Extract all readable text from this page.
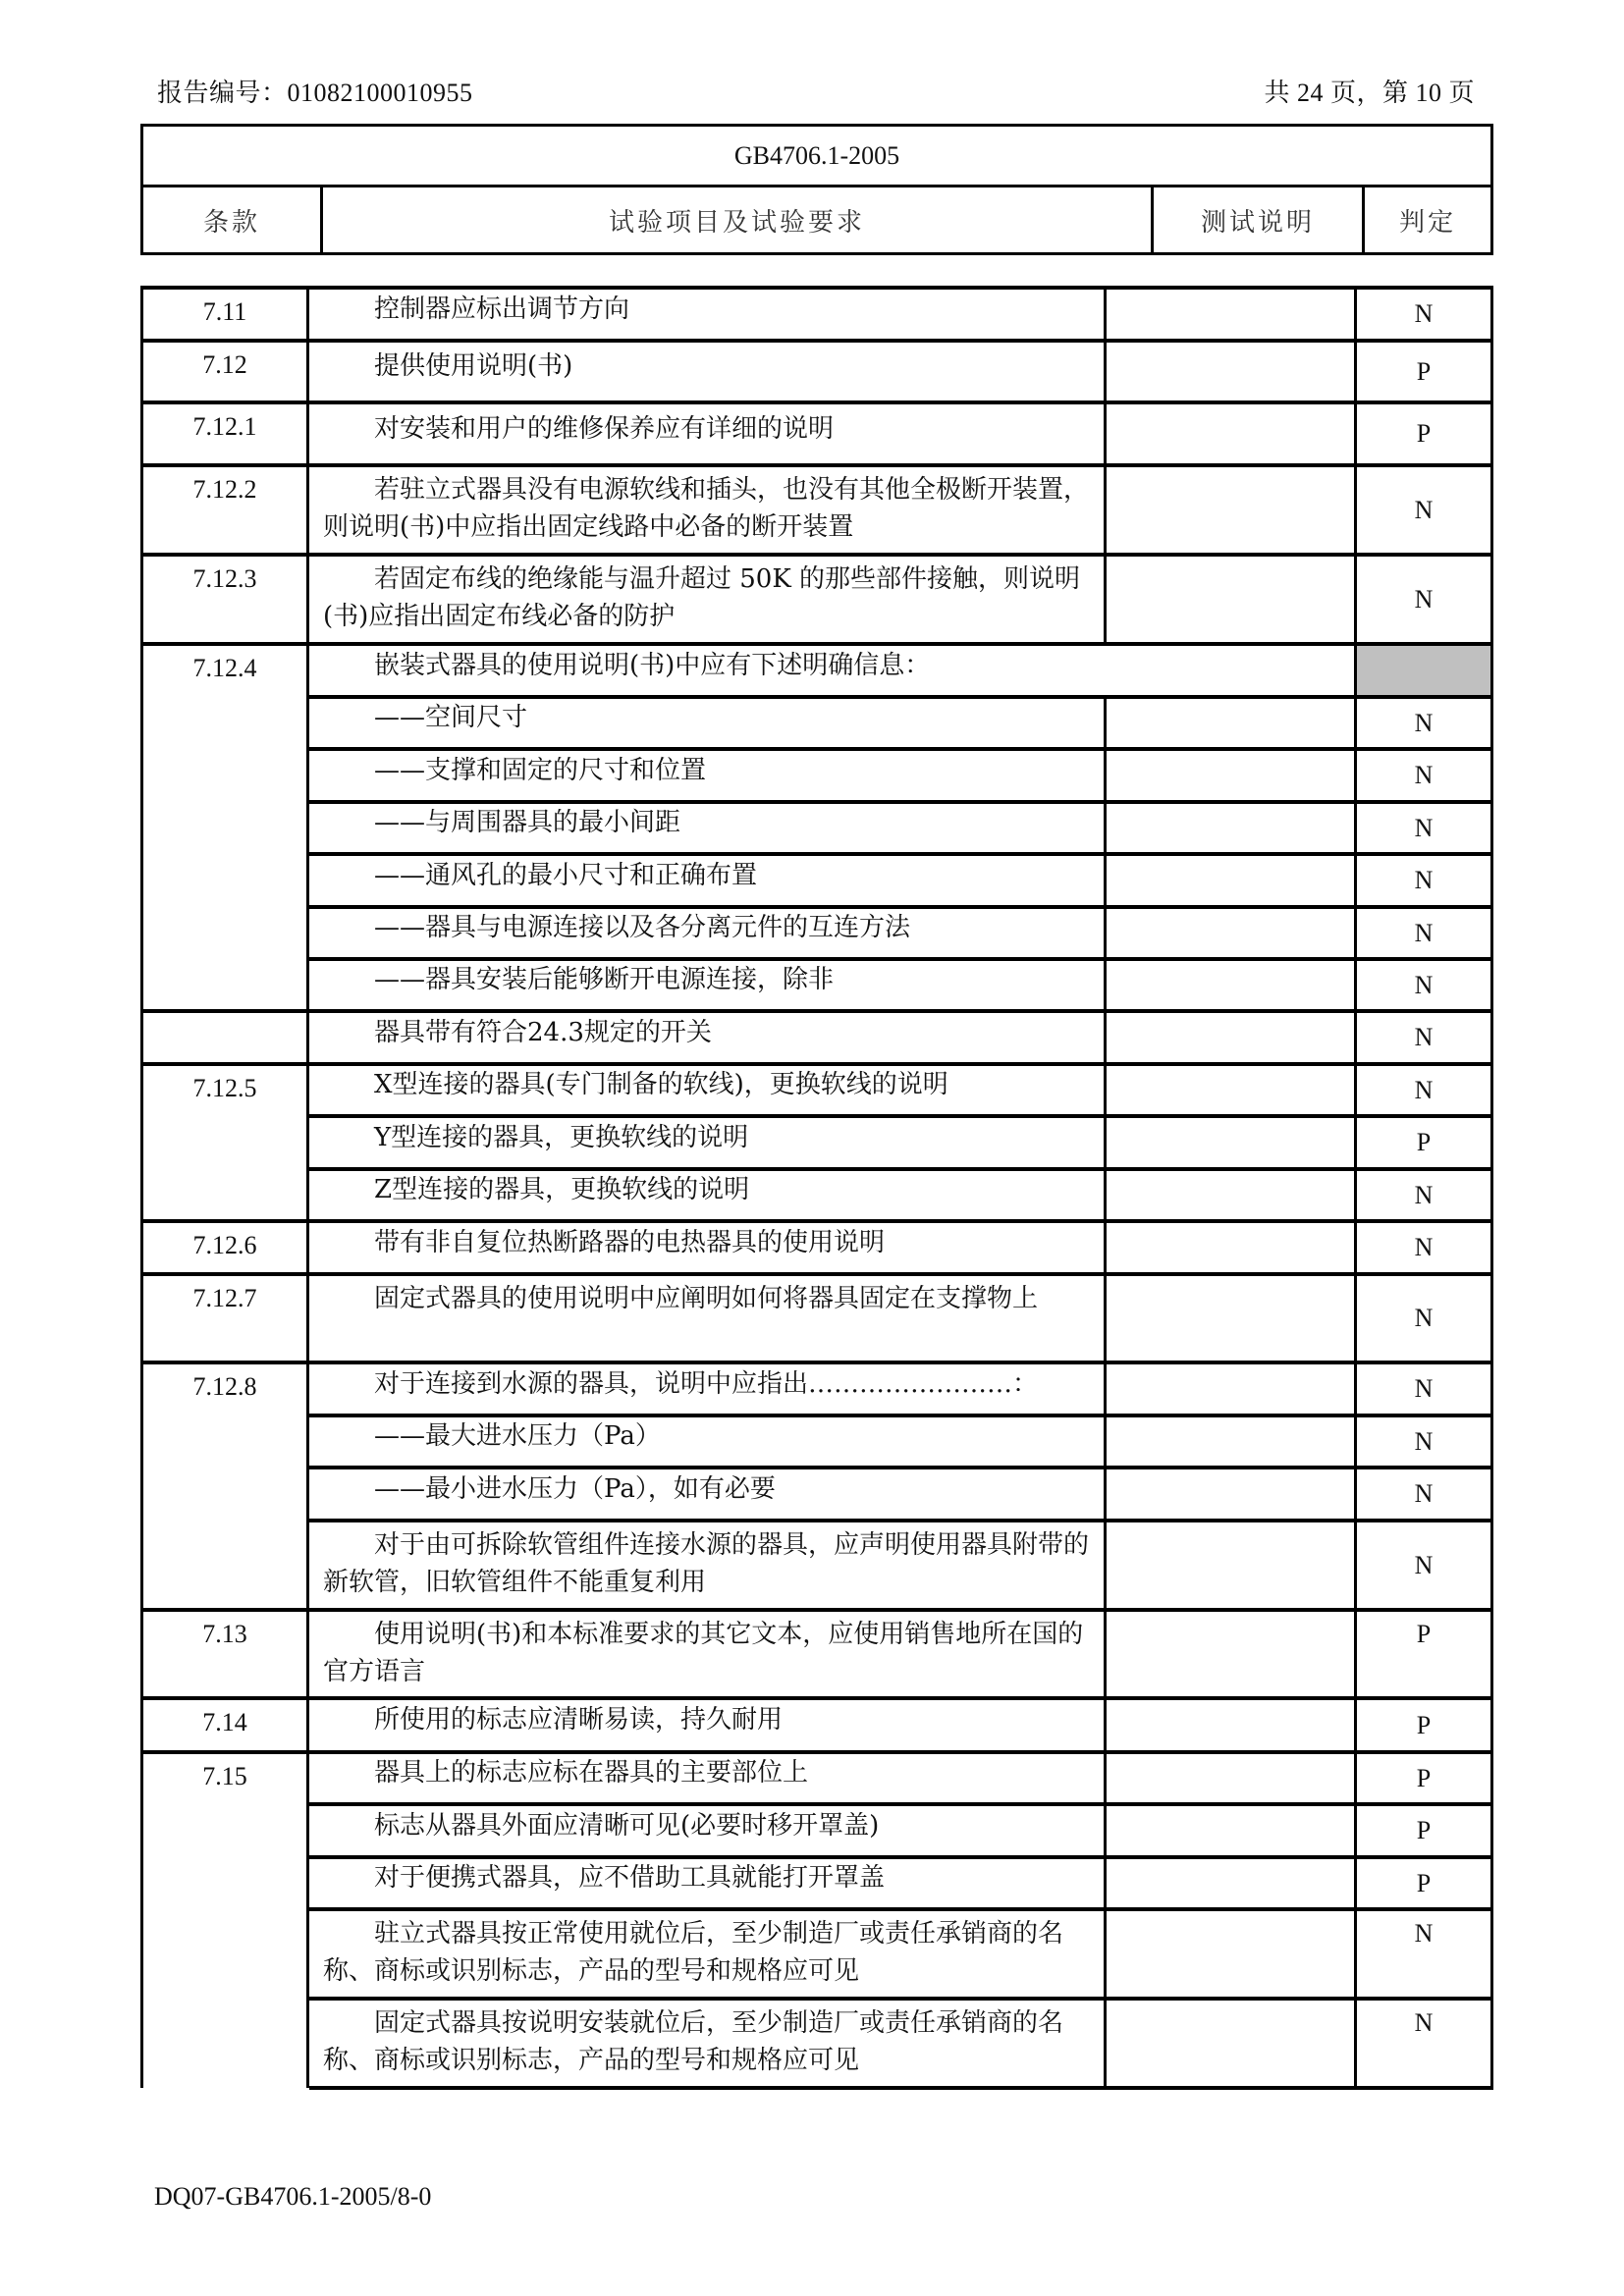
报告编号：01082100010955	共 24 页，第 10 页
GB4706.1-2005
条款	试验项目及试验要求	测试说明	判定
7.11	控制器应标出调节方向	N
7.12	提供使用说明(书)	P
7.12.1	对安装和用户的维修保养应有详细的说明	P
7.12.2	若驻立式器具没有电源软线和插头，也没有其他全极断开装置，则说明(书)中应指出固定线路中必备的断开装置
N
7.12.3	若固定布线的绝缘能与温升超过 50K 的那些部件接触，则说明(书)应指出固定布线必备的防护
N
7.12.4	嵌装式器具的使用说明(书)中应有下述明确信息：
——空间尺寸	N
——支撑和固定的尺寸和位置	N
——与周围器具的最小间距	N
——通风孔的最小尺寸和正确布置	N
——器具与电源连接以及各分离元件的互连方法	N
——器具安装后能够断开电源连接，除非	N
器具带有符合24.3规定的开关	N
7.12.5	X型连接的器具(专门制备的软线)，更换软线的说明	N
Y型连接的器具，更换软线的说明	P
Z型连接的器具，更换软线的说明	N
7.12.6	带有非自复位热断路器的电热器具的使用说明	N
7.12.7	固定式器具的使用说明中应阐明如何将器具固定在支撑物上
N
7.12.8	对于连接到水源的器具，说明中应指出……………………：	N
——最大进水压力（Pa）	N
——最小进水压力（Pa），如有必要	N
对于由可拆除软管组件连接水源的器具，应声明使用器具附带的新软管，旧软管组件不能重复利用
N
7.13	使用说明(书)和本标准要求的其它文本，应使用销售地所在国的官方语言
P
7.14	所使用的标志应清晰易读，持久耐用	P
7.15	器具上的标志应标在器具的主要部位上	P
标志从器具外面应清晰可见(必要时移开罩盖)	P
对于便携式器具，应不借助工具就能打开罩盖	P
驻立式器具按正常使用就位后，至少制造厂或责任承销商的名称、商标或识别标志，产品的型号和规格应可见
N
固定式器具按说明安装就位后，至少制造厂或责任承销商的名称、商标或识别标志，产品的型号和规格应可见
N
DQ07-GB4706.1-2005/8-0
